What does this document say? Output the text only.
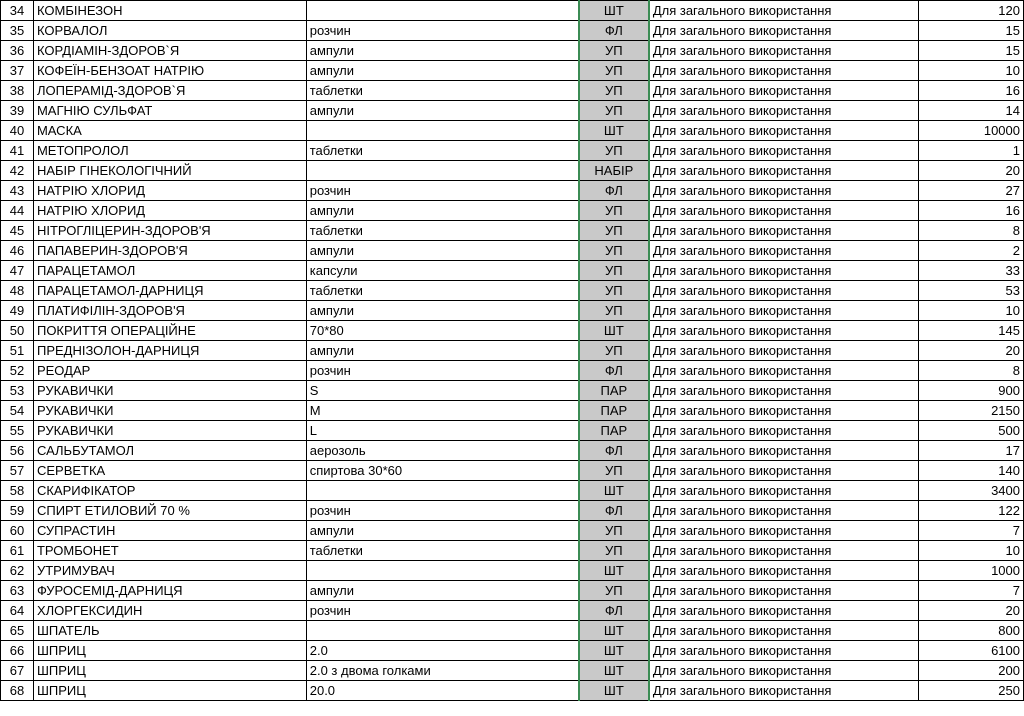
34	КОМБІНЕЗОН		ШТ	Для загального використання	120
35	КОРВАЛОЛ	розчин	ФЛ	Для загального використання	15
36	КОРДІАМІН-ЗДОРОВ`Я	ампули	УП	Для загального використання	15
37	КОФЕЇН-БЕНЗОАТ НАТРІЮ	ампули	УП	Для загального використання	10
38	ЛОПЕРАМІД-ЗДОРОВ`Я	таблетки	УП	Для загального використання	16
39	МАГНІЮ СУЛЬФАТ	ампули	УП	Для загального використання	14
40	МАСКА		ШТ	Для загального використання	10000
41	МЕТОПРОЛОЛ	таблетки	УП	Для загального використання	1
42	НАБІР ГІНЕКОЛОГІЧНИЙ		НАБІР	Для загального використання	20
43	НАТРІЮ ХЛОРИД	розчин	ФЛ	Для загального використання	27
44	НАТРІЮ ХЛОРИД	ампули	УП	Для загального використання	16
45	НІТРОГЛІЦЕРИН-ЗДОРОВ'Я	таблетки	УП	Для загального використання	8
46	ПАПАВЕРИН-ЗДОРОВ'Я	ампули	УП	Для загального використання	2
47	ПАРАЦЕТАМОЛ	капсули	УП	Для загального використання	33
48	ПАРАЦЕТАМОЛ-ДАРНИЦЯ	таблетки	УП	Для загального використання	53
49	ПЛАТИФІЛІН-ЗДОРОВ'Я	ампули	УП	Для загального використання	10
50	ПОКРИТТЯ ОПЕРАЦІЙНЕ	70*80	ШТ	Для загального використання	145
51	ПРЕДНІЗОЛОН-ДАРНИЦЯ	ампули	УП	Для загального використання	20
52	РЕОДАР	розчин	ФЛ	Для загального використання	8
53	РУКАВИЧКИ	S	ПАР	Для загального використання	900
54	РУКАВИЧКИ	M	ПАР	Для загального використання	2150
55	РУКАВИЧКИ	L	ПАР	Для загального використання	500
56	САЛЬБУТАМОЛ	аерозоль	ФЛ	Для загального використання	17
57	СЕРВЕТКА	спиртова 30*60	УП	Для загального використання	140
58	СКАРИФІКАТОР		ШТ	Для загального використання	3400
59	СПИРТ ЕТИЛОВИЙ 70 %	розчин	ФЛ	Для загального використання	122
60	СУПРАСТИН	ампули	УП	Для загального використання	7
61	ТРОМБОНЕТ	таблетки	УП	Для загального використання	10
62	УТРИМУВАЧ		ШТ	Для загального використання	1000
63	ФУРОСЕМІД-ДАРНИЦЯ	ампули	УП	Для загального використання	7
64	ХЛОРГЕКСИДИН	розчин	ФЛ	Для загального використання	20
65	ШПАТЕЛЬ		ШТ	Для загального використання	800
66	ШПРИЦ	2.0	ШТ	Для загального використання	6100
67	ШПРИЦ	2.0 з двома голками	ШТ	Для загального використання	200
68	ШПРИЦ	20.0	ШТ	Для загального використання	250
